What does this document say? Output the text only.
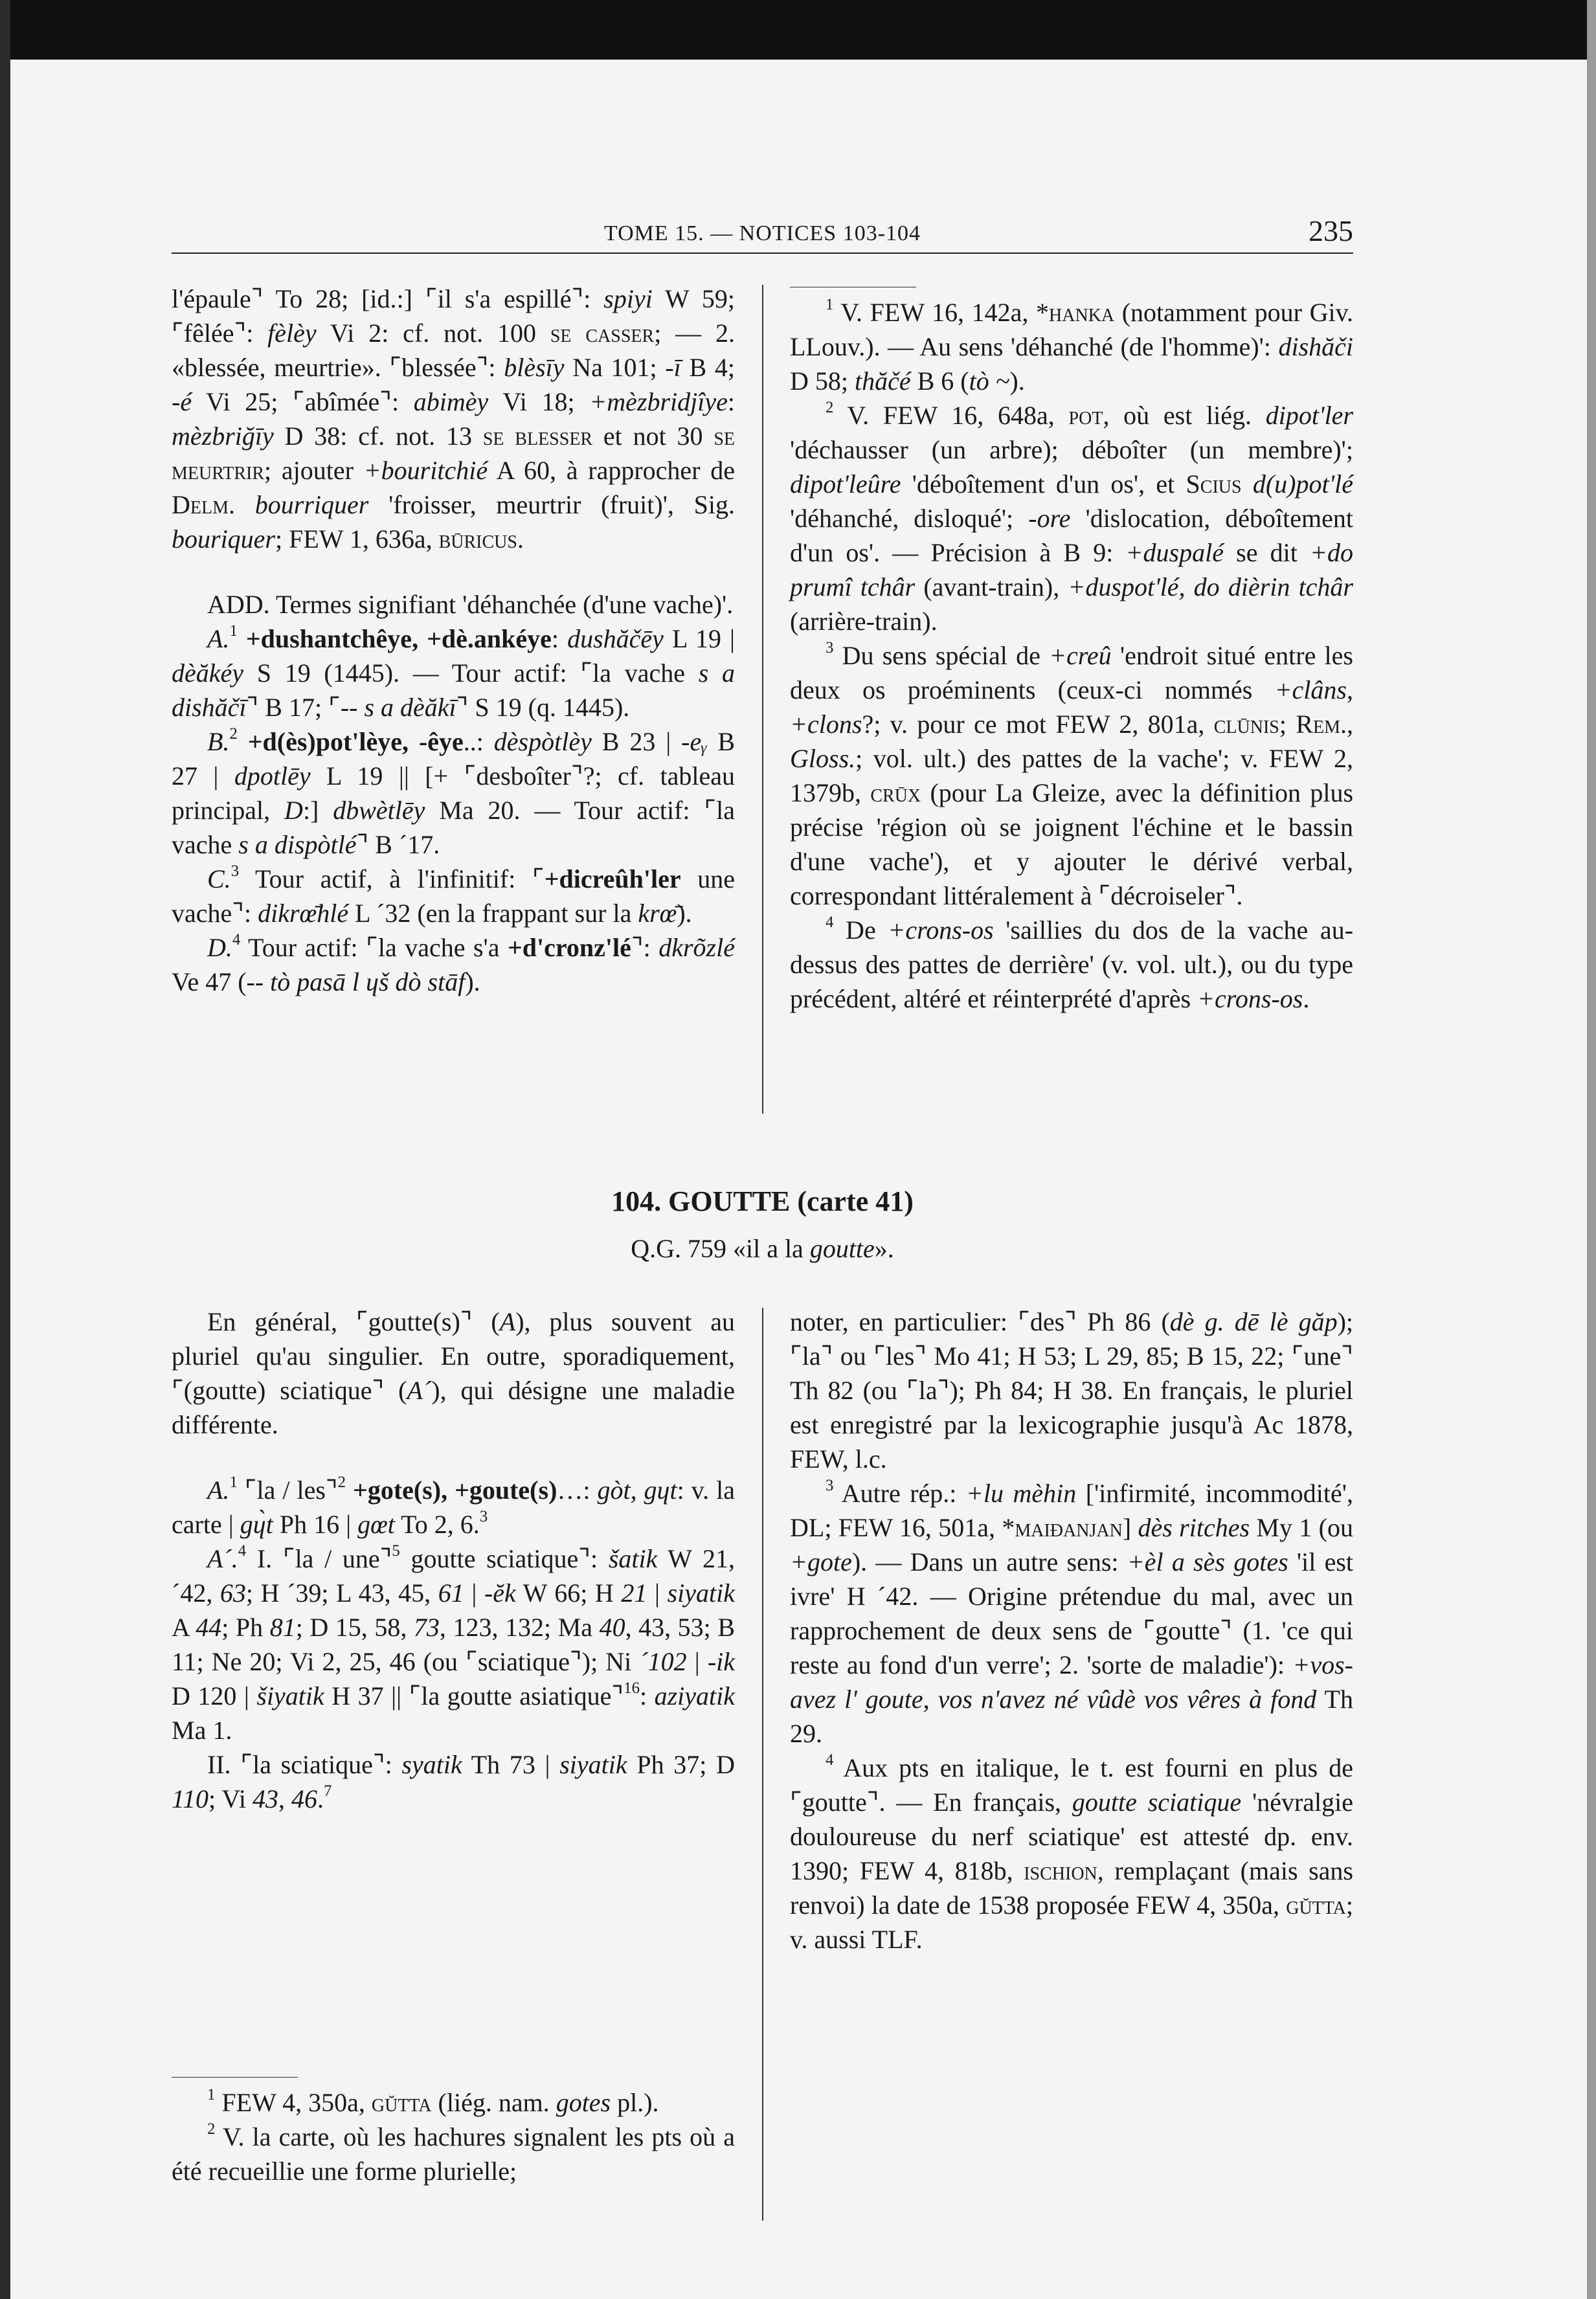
TOME 15. — NOTICES 103-104	235

l'épaule⌝ To 28; [id.:] ⌜il s'a espillé⌝: spiyi W 59; ⌜fêlée⌝: fèlèy Vi 2: cf. not. 100 se casser; — 2. «blessée, meurtrie». ⌜blessée⌝: blèsīy Na 101; -ī B 4; -é Vi 25; ⌜abîmée⌝: abimèy Vi 18; +mèzbridjîye: mèzbriğīy D 38: cf. not. 13 se blesser et not 30 se meurtrir; ajouter +bouritchié A 60, à rapprocher de Delm. bourriquer 'froisser, meurtrir (fruit)', Sig. bouriquer; FEW 1, 636a, būricus.

ADD. Termes signifiant 'déhanchée (d'une vache)'.

A.$^1$ +dushantchêye, +dè.ankéye: dushăčēy L 19 | dèăkéy S 19 (1445). — Tour actif: ⌜la vache s a dishăčī⌝ B 17; ⌜-- s a dèăkī⌝ S 19 (q. 1445).

B.$^2$ +d(ès)pot'lèye, -êye..: dèspòtlèy B 23 | -eᵧ B 27 | dpotlēy L 19 || [+ ⌜desboîter⌝?; cf. tableau principal, D:] dbwètlēy Ma 20. — Tour actif: ⌜la vache s a dispòtlé⌝ B ´17.

C.$^3$ Tour actif, à l'infinitif: ⌜+dicreûh'ler une vache⌝: dikrœ̄hlé L ´32 (en la frappant sur la krœ̄).

D.$^4$ Tour actif: ⌜la vache s'a +d'cronz'lé⌝: dkrõzlé Ve 47 (-- tò pasā l ɥš dò stāf).

$^1$ V. FEW 16, 142a, *hanka (notamment pour Giv. LLouv.). — Au sens 'déhanché (de l'homme)': dishăči D 58; thăčé B 6 (tò ~).

$^2$ V. FEW 16, 648a, pot, où est liég. dipot'ler 'déchausser (un arbre); déboîter (un membre)'; dipot'leûre 'déboîtement d'un os', et Scius d(u)pot'lé 'déhanché, disloqué'; -ore 'dislocation, déboîtement d'un os'. — Précision à B 9: +duspalé se dit +do prumî tchâr (avant-train), +duspot'lé, do dièrin tchâr (arrière-train).

$^3$ Du sens spécial de +creû 'endroit situé entre les deux os proéminents (ceux-ci nommés +clâns, +clons?; v. pour ce mot FEW 2, 801a, clūnis; Rem., Gloss.; vol. ult.) des pattes de la vache'; v. FEW 2, 1379b, crūx (pour La Gleize, avec la définition plus précise 'région où se joignent l'échine et le bassin d'une vache'), et y ajouter le dérivé verbal, correspondant littéralement à ⌜décroiseler⌝.

$^4$ De +crons-os 'saillies du dos de la vache au-dessus des pattes de derrière' (v. vol. ult.), ou du type précédent, altéré et réinterprété d'après +crons-os.

104. GOUTTE (carte 41)
Q.G. 759 «il a la goutte».

En général, ⌜goutte(s)⌝ (A), plus souvent au pluriel qu'au singulier. En outre, sporadiquement, ⌜(goutte) sciatique⌝ (A´), qui désigne une maladie différente.

A.$^1$ ⌜la / les⌝$^2$ +gote(s), +goute(s)…: gòt, gɥt: v. la carte | gɥ̀t Ph 16 | gœt To 2, 6.$^3$

A´.$^4$ I. ⌜la / une⌝$^5$ goutte sciatique⌝: šatik W 21, ´42, 63; H ´39; L 43, 45, 61 | -ĕk W 66; H 21 | siyatik A 44; Ph 81; D 15, 58, 73, 123, 132; Ma 40, 43, 53; B 11; Ne 20; Vi 2, 25, 46 (ou ⌜sciatique⌝); Ni ´102 | -ik D 120 | šiyatik H 37 || ⌜la goutte asiatique⌝$^{16}$: aziyatik Ma 1.

II. ⌜la sciatique⌝: syatik Th 73 | siyatik Ph 37; D 110; Vi 43, 46.$^7$

$^1$ FEW 4, 350a, gŭtta (liég. nam. gotes pl.).

$^2$ V. la carte, où les hachures signalent les pts où a été recueillie une forme plurielle;

noter, en particulier: ⌜des⌝ Ph 86 (dè g. dē lè găp); ⌜la⌝ ou ⌜les⌝ Mo 41; H 53; L 29, 85; B 15, 22; ⌜une⌝ Th 82 (ou ⌜la⌝); Ph 84; H 38. En français, le pluriel est enregistré par la lexicographie jusqu'à Ac 1878, FEW, l.c.

$^3$ Autre rép.: +lu mèhin ['infirmité, incommodité', DL; FEW 16, 501a, *maiđanjan] dès ritches My 1 (ou +gote). — Dans un autre sens: +èl a sès gotes 'il est ivre' H ´42. — Origine prétendue du mal, avec un rapprochement de deux sens de ⌜goutte⌝ (1. 'ce qui reste au fond d'un verre'; 2. 'sorte de maladie'): +vos-avez l' goute, vos n'avez né vûdè vos vêres à fond Th 29.

$^4$ Aux pts en italique, le t. est fourni en plus de ⌜goutte⌝. — En français, goutte sciatique 'névralgie douloureuse du nerf sciatique' est attesté dp. env. 1390; FEW 4, 818b, ischion, remplaçant (mais sans renvoi) la date de 1538 proposée FEW 4, 350a, gŭtta; v. aussi TLF.
